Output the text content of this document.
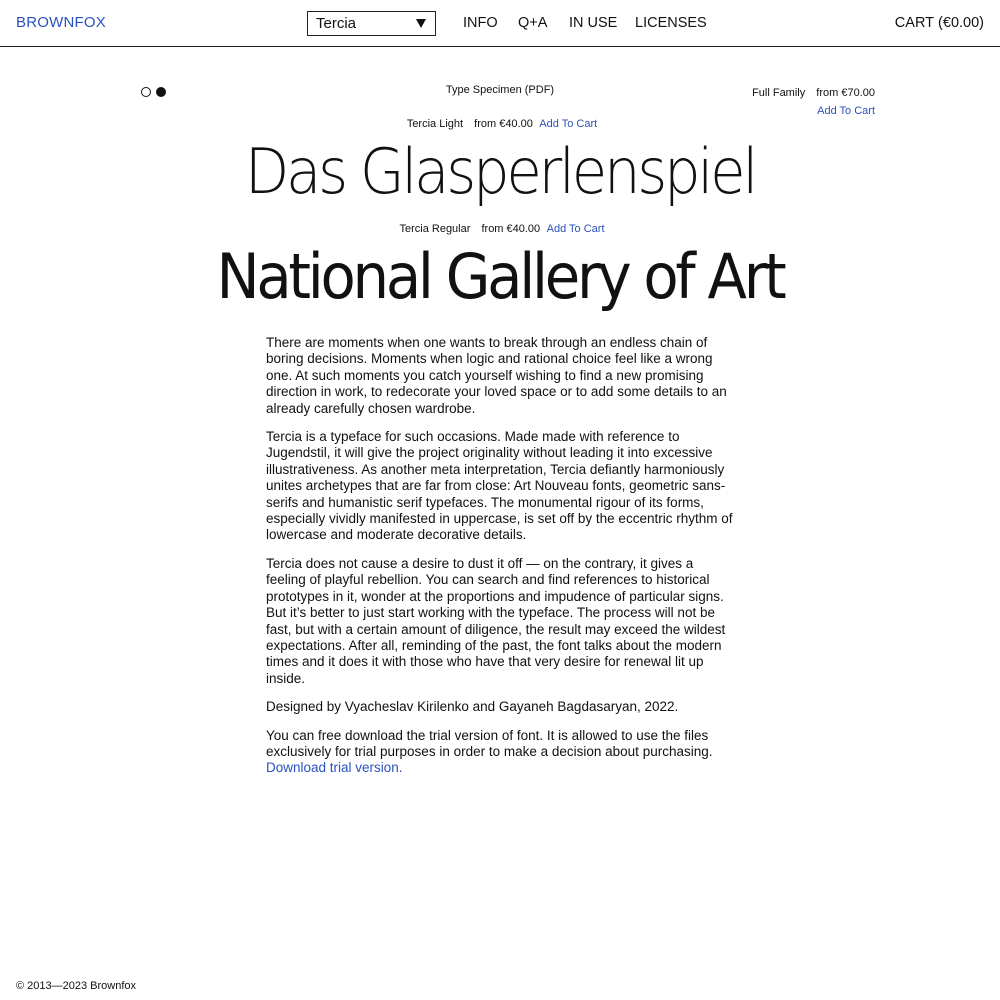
BROWNFOX	Tercia	INFO Q+A IN USE LICENSES	CART
(€0.00)
Type Specimen (PDF)	Full Family from €70.00
Add To Cart
Tercia Light from €40.00 Add To Cart
Das Glasperlenspiel
Tercia Regular from €40.00 Add To Cart
National Gallery of Art

There are moments when one wants to break through an endless chain of boring decisions. Moments when logic and rational choice feel like a wrong one. At such moments you catch yourself wishing to find a new promising direction in work, to redecorate your loved space or to add some details to an already carefully chosen wardrobe.

Tercia is a typeface for such occasions. Made made with reference to Jugendstil, it will give the project originality without leading it into excessive illustrativeness. As another meta interpretation, Tercia defiantly harmoniously unites archetypes that are far from close: Art Nouveau fonts, geometric sans-serifs and humanistic serif typefaces. The monumental rigour of its forms, especially vividly manifested in uppercase, is set off by the eccentric rhythm of lowercase and moderate decorative details.

Tercia does not cause a desire to dust it off — on the contrary, it gives a feeling of playful rebellion. You can search and find references to historical prototypes in it, wonder at the proportions and impudence of particular signs. But it’s better to just start working with the typeface. The process will not be fast, but with a certain amount of diligence, the result may exceed the wildest expectations. After all, reminding of the past, the font talks about the modern times and it does it with those who have that very desire for renewal lit up inside.

Designed by Vyacheslav Kirilenko and Gayaneh Bagdasaryan, 2022.

You can free download the trial version of font. It is allowed to use the files exclusively for trial purposes in order to make a decision about purchasing.
Download trial version.

© 2013—2023 Brownfox
